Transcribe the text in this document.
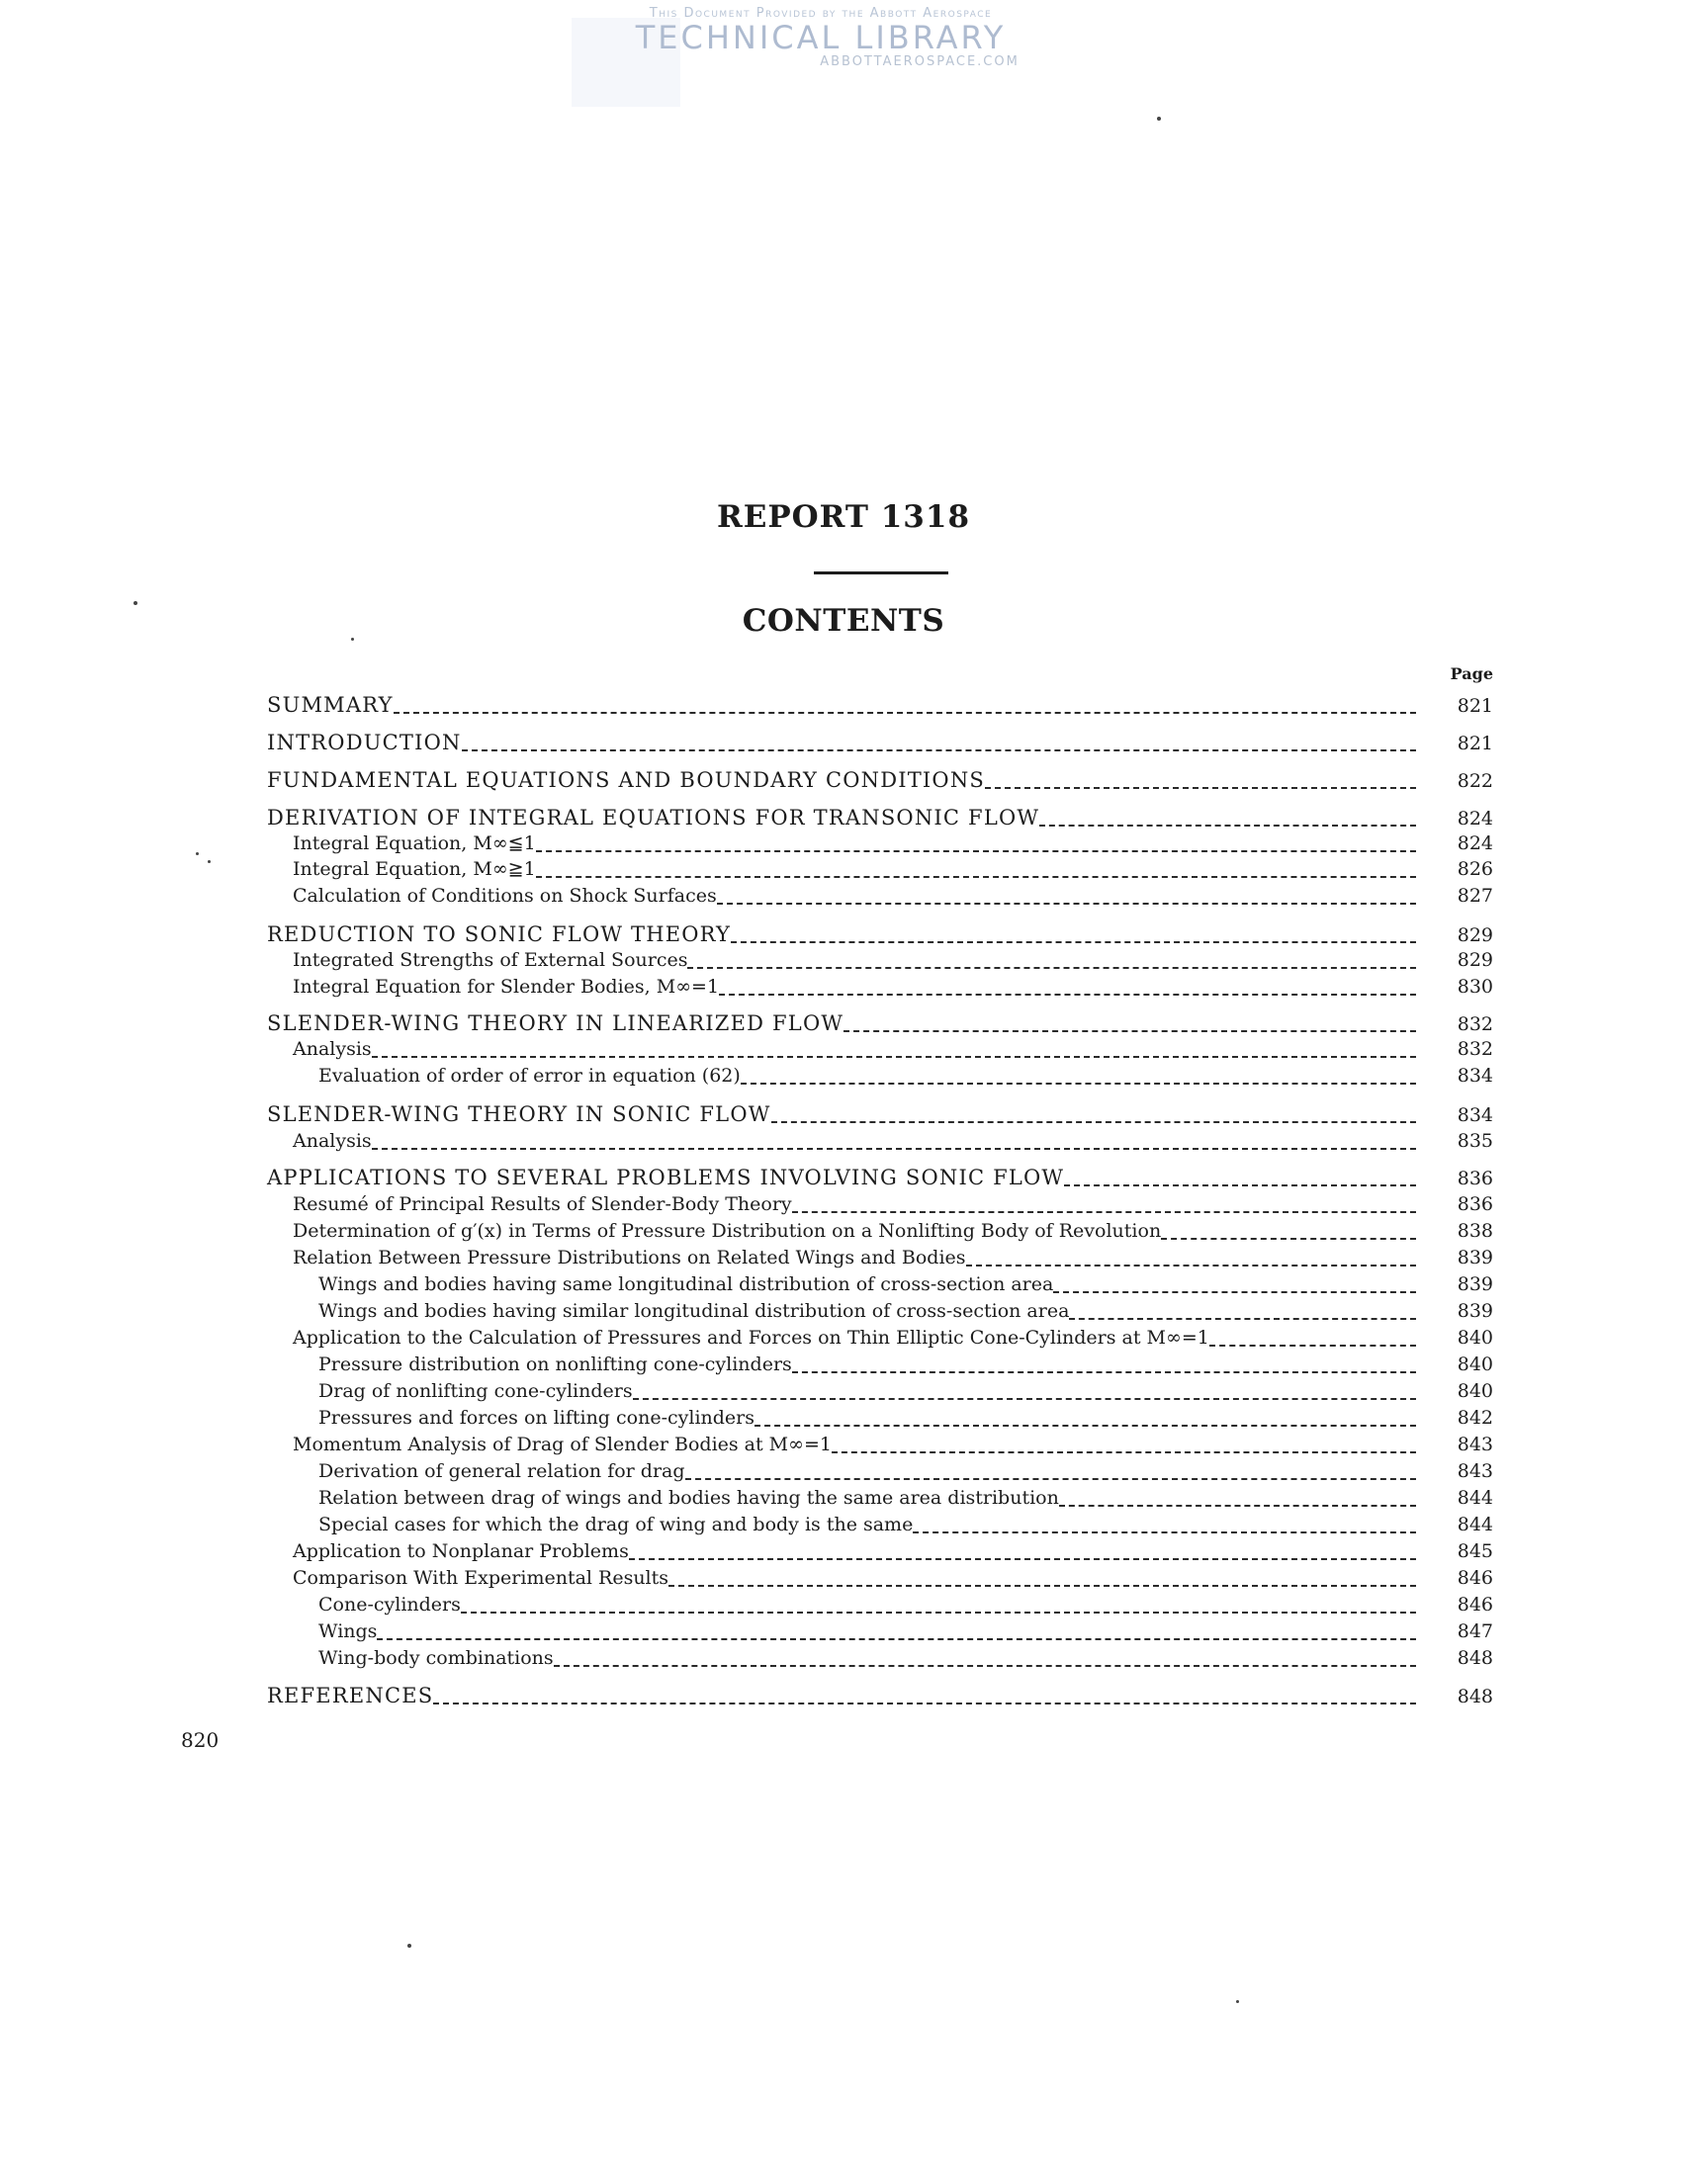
This Document Provided by the Abbott Aerospace
TECHNICAL LIBRARY
ABBOTTAEROSPACE.COM
REPORT 1318
CONTENTS
Page
SUMMARY	821
INTRODUCTION	821
FUNDAMENTAL EQUATIONS AND BOUNDARY CONDITIONS	822
DERIVATION OF INTEGRAL EQUATIONS FOR TRANSONIC FLOW	824
Integral Equation, M∞≦1	824
Integral Equation, M∞≧1	826
Calculation of Conditions on Shock Surfaces	827
REDUCTION TO SONIC FLOW THEORY	829
Integrated Strengths of External Sources	829
Integral Equation for Slender Bodies, M∞=1	830
SLENDER-WING THEORY IN LINEARIZED FLOW	832
Analysis	832
Evaluation of order of error in equation (62)	834
SLENDER-WING THEORY IN SONIC FLOW	834
Analysis	835
APPLICATIONS TO SEVERAL PROBLEMS INVOLVING SONIC FLOW	836
Resumé of Principal Results of Slender-Body Theory	836
Determination of g′(x) in Terms of Pressure Distribution on a Nonlifting Body of Revolution	838
Relation Between Pressure Distributions on Related Wings and Bodies	839
Wings and bodies having same longitudinal distribution of cross-section area	839
Wings and bodies having similar longitudinal distribution of cross-section area	839
Application to the Calculation of Pressures and Forces on Thin Elliptic Cone-Cylinders at M∞=1	840
Pressure distribution on nonlifting cone-cylinders	840
Drag of nonlifting cone-cylinders	840
Pressures and forces on lifting cone-cylinders	842
Momentum Analysis of Drag of Slender Bodies at M∞=1	843
Derivation of general relation for drag	843
Relation between drag of wings and bodies having the same area distribution	844
Special cases for which the drag of wing and body is the same	844
Application to Nonplanar Problems	845
Comparison With Experimental Results	846
Cone-cylinders	846
Wings	847
Wing-body combinations	848
REFERENCES	848
820
